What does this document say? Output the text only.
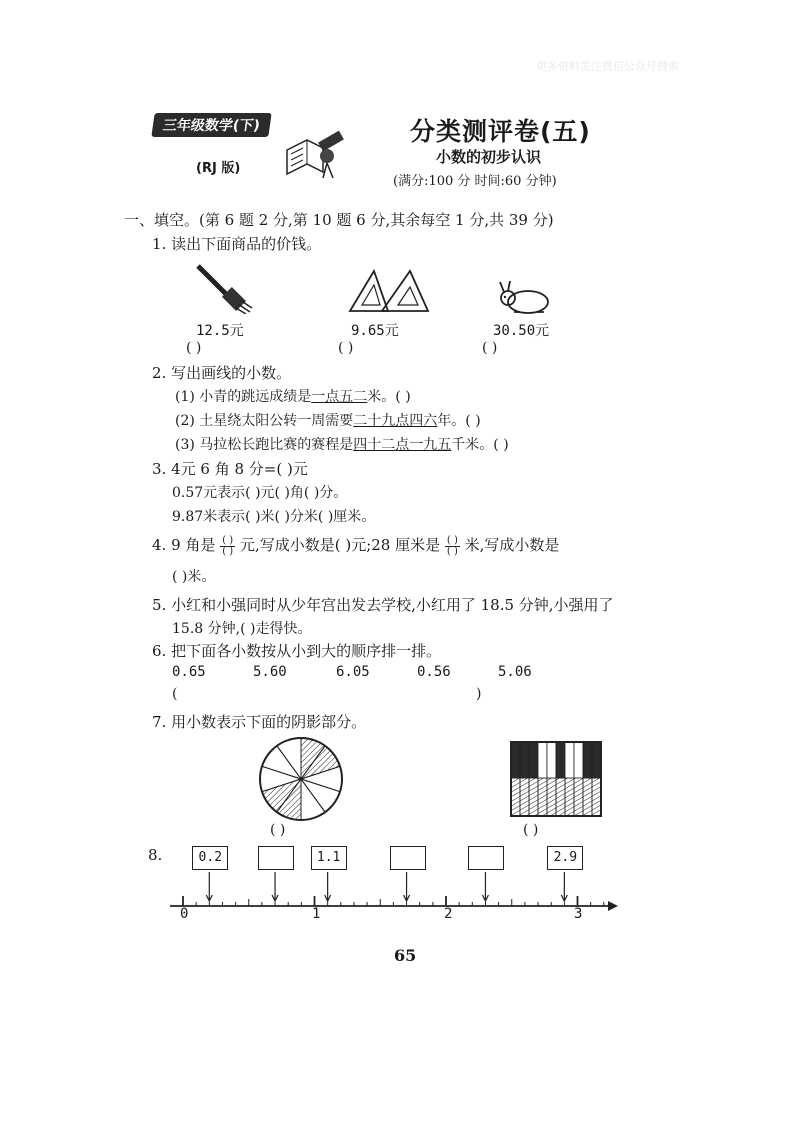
更多资料关注微信公众号搜索
三年级数学(下)
(RJ 版)
分类测评卷(五)
小数的初步认识
(满分:100 分 时间:60 分钟)
一、填空。(第 6 题 2 分,第 10 题 6 分,其余每空 1 分,共 39 分)
1. 读出下面商品的价钱。
12.5元	9.65元	30.50元
( )	( )	( )
2. 写出画线的小数。
(1) 小青的跳远成绩是一点五二米。( )
(2) 土星绕太阳公转一周需要二十九点四六年。( )
(3) 马拉松长跑比赛的赛程是四十二点一九五千米。( )
3. 4元 6 角 8 分=( )元
0.57元表示( )元( )角( )分。
9.87米表示( )米( )分米( )厘米。
4. 9 角是 $\frac{( )}{( )}$ 元,写成小数是( )元;28 厘米是 $\frac{( )}{( )}$ 米,写成小数是
( )米。
5. 小红和小强同时从少年宫出发去学校,小红用了 18.5 分钟,小强用了
15.8 分钟,( )走得快。
6. 把下面各小数按从小到大的顺序排一排。
0.65	5.60	6.05	0.56	5.06
(	)
7. 用小数表示下面的阴影部分。
( )	( )
8.	0.2	1.1	2.9
0	1	2	3
65
